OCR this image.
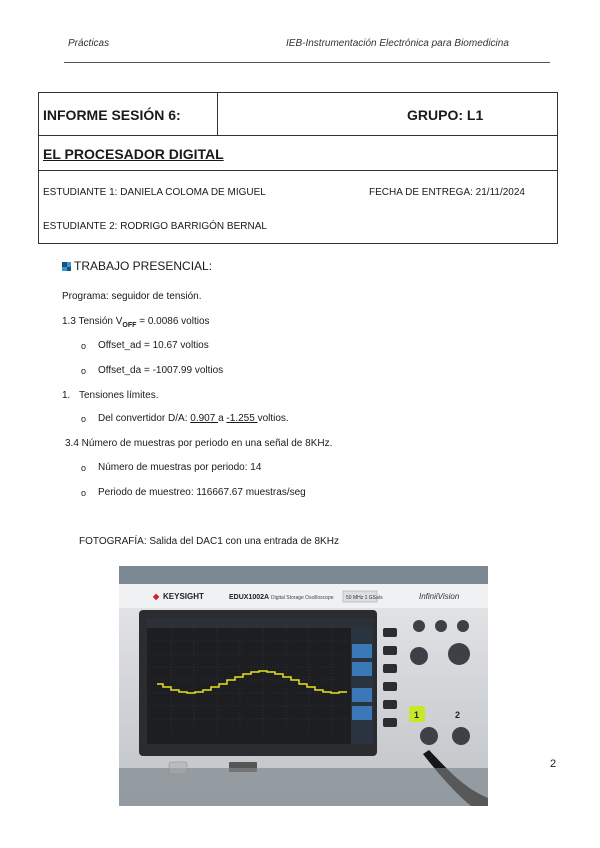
Prácticas	IEB-Instrumentación Electrónica para Biomedicina
INFORME SESIÓN 6:	GRUPO: L1
EL PROCESADOR DIGITAL
ESTUDIANTE 1: DANIELA COLOMA DE MIGUEL	FECHA DE ENTREGA: 21/11/2024
ESTUDIANTE 2: RODRIGO BARRIGÓN BERNAL
TRABAJO PRESENCIAL:
Programa: seguidor de tensión.
1.3 Tensión $V_{OFF} = 0.0086$ voltios
o Offset_ad = 10.67 voltios
o Offset_da = -1007.99 voltios
1. Tensiones límites.
o Del convertidor D/A: 0.907 a -1.255 voltios.
3.4 Número de muestras por periodo en una señal de 8KHz.
o Número de muestras por periodo: 14
o Periodo de muestreo: 116667.67 muestras/seg
FOTOGRAFÍA: Salida del DAC1 con una entrada de 8KHz
◆ KEYSIGHT	EDUX1002A Digital Storage Oscilloscope 50 MHz 1 GSa/s	InfiniiVision
1	2
2
